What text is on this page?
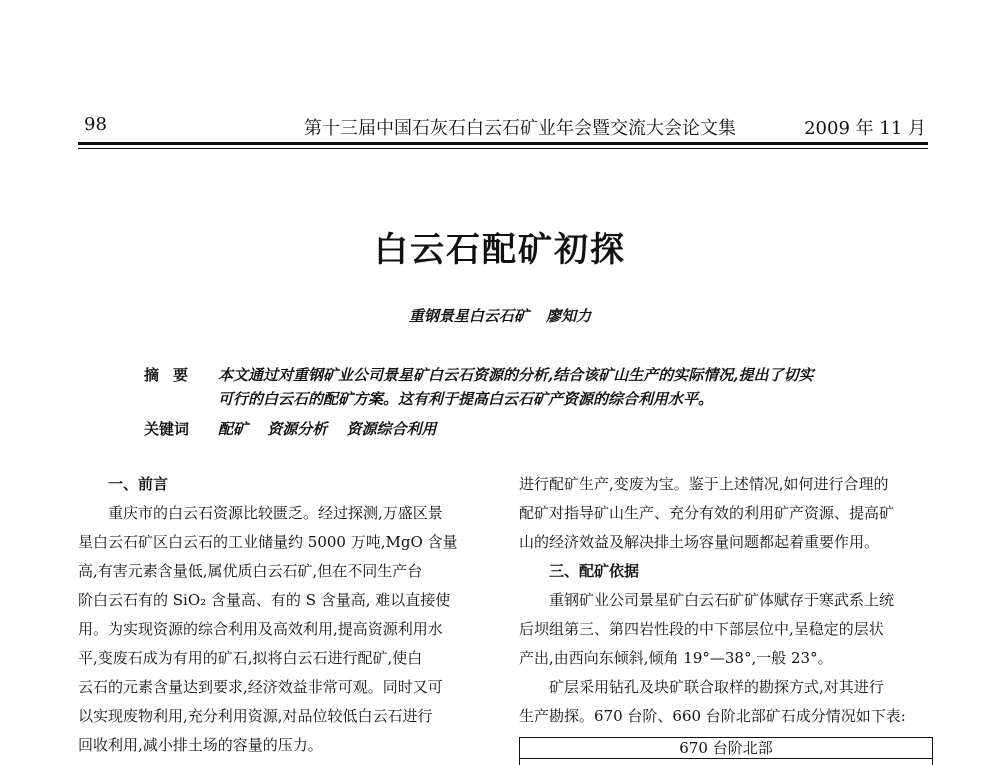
98	第十三届中国石灰石白云石矿业年会暨交流大会论文集	2009 年 11 月
白云石配矿初探
重钢景星白云石矿 廖知力
摘要 本文通过对重钢矿业公司景星矿白云石资源的分析,结合该矿山生产的实际情况,提出了切实
可行的白云石的配矿方案。这有利于提高白云石矿产资源的综合利用水平。
关键词 配矿 资源分析 资源综合利用
一、前言
重庆市的白云石资源比较匮乏。经过探测,万盛区景
星白云石矿区白云石的工业储量约 5000 万吨,MgO 含量
高,有害元素含量低,属优质白云石矿,但在不同生产台
阶白云石有的 SiO₂ 含量高、有的 S 含量高, 难以直接使
用。为实现资源的综合利用及高效利用,提高资源利用水
平,变废石成为有用的矿石,拟将白云石进行配矿,使白
云石的元素含量达到要求,经济效益非常可观。同时又可
以实现废物利用,充分利用资源,对品位较低白云石进行
回收利用,减小排土场的容量的压力。
进行配矿生产,变废为宝。鉴于上述情况,如何进行合理的
配矿对指导矿山生产、充分有效的利用矿产资源、提高矿
山的经济效益及解决排土场容量问题都起着重要作用。
三、配矿依据
重钢矿业公司景星矿白云石矿矿体赋存于寒武系上统
后坝组第三、第四岩性段的中下部层位中,呈稳定的层状
产出,由西向东倾斜,倾角 19°—38°,一般 23°。
矿层采用钻孔及块矿联合取样的勘探方式,对其进行
生产勘探。670 台阶、660 台阶北部矿石成分情况如下表:
670 台阶北部
